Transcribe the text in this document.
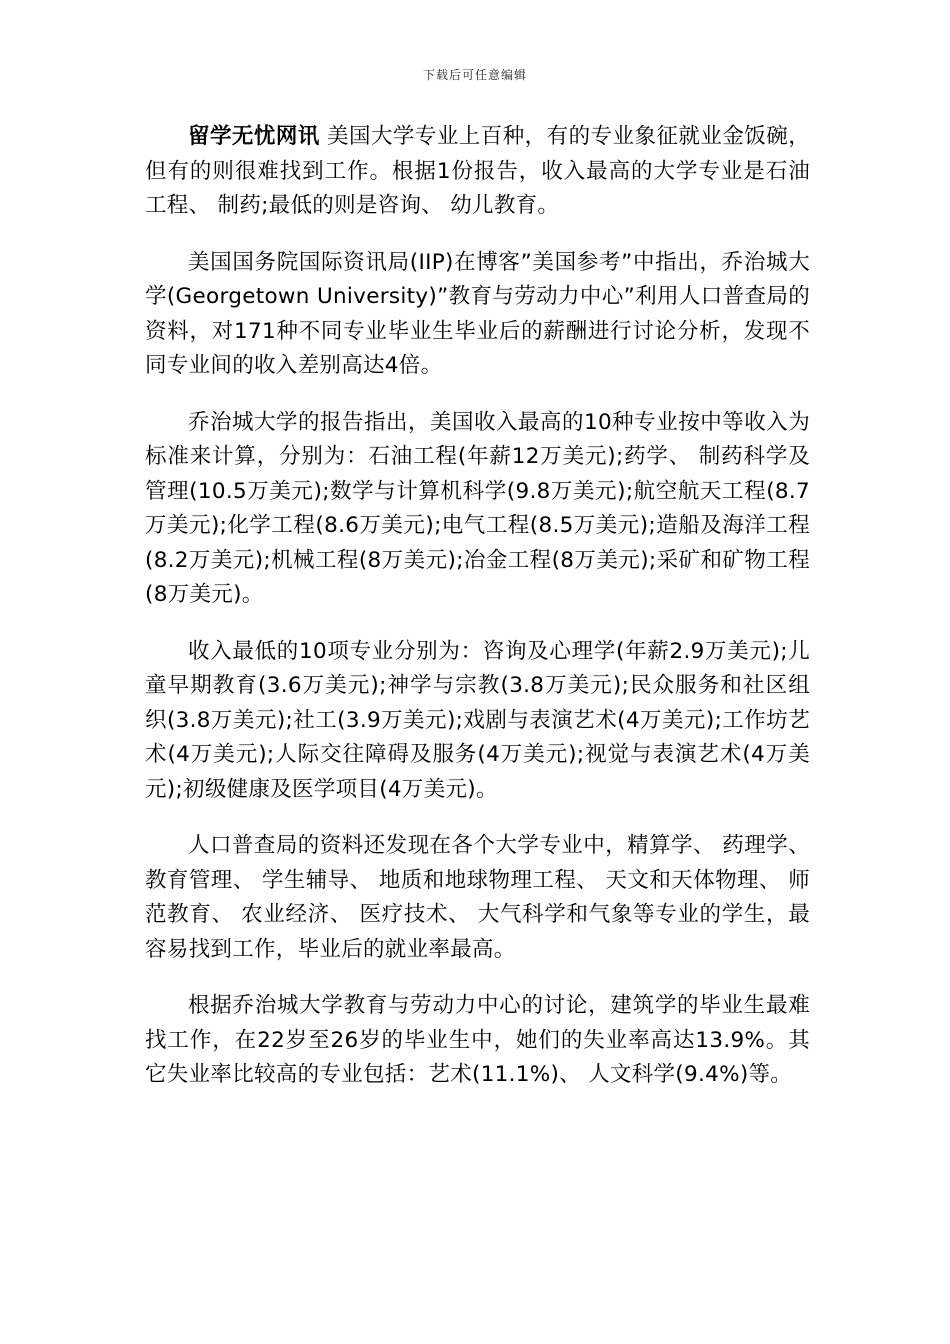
下载后可任意编辑

留学无忧网讯 美国大学专业上百种，有的专业象征就业金饭碗，但有的则很难找到工作。根据1份报告，收入最高的大学专业是石油工程、 制药;最低的则是咨询、 幼儿教育。

美国国务院国际资讯局(IIP)在博客”美国参考”中指出，乔治城大学(Georgetown University)”教育与劳动力中心”利用人口普查局的资料，对171种不同专业毕业生毕业后的薪酬进行讨论分析，发现不同专业间的收入差别高达4倍。

乔治城大学的报告指出，美国收入最高的10种专业按中等收入为标准来计算，分别为：石油工程(年薪12万美元);药学、 制药科学及管理(10.5万美元);数学与计算机科学(9.8万美元);航空航天工程(8.7万美元);化学工程(8.6万美元);电气工程(8.5万美元);造船及海洋工程(8.2万美元);机械工程(8万美元);冶金工程(8万美元);采矿和矿物工程(8万美元)。

收入最低的10项专业分别为：咨询及心理学(年薪2.9万美元);儿童早期教育(3.6万美元);神学与宗教(3.8万美元);民众服务和社区组织(3.8万美元);社工(3.9万美元);戏剧与表演艺术(4万美元);工作坊艺术(4万美元);人际交往障碍及服务(4万美元);视觉与表演艺术(4万美元);初级健康及医学项目(4万美元)。

人口普查局的资料还发现在各个大学专业中，精算学、 药理学、 教育管理、 学生辅导、 地质和地球物理工程、 天文和天体物理、 师范教育、 农业经济、 医疗技术、 大气科学和气象等专业的学生，最容易找到工作，毕业后的就业率最高。

根据乔治城大学教育与劳动力中心的讨论，建筑学的毕业生最难找工作，在22岁至26岁的毕业生中，她们的失业率高达13.9%。其它失业率比较高的专业包括：艺术(11.1%)、 人文科学(9.4%)等。
